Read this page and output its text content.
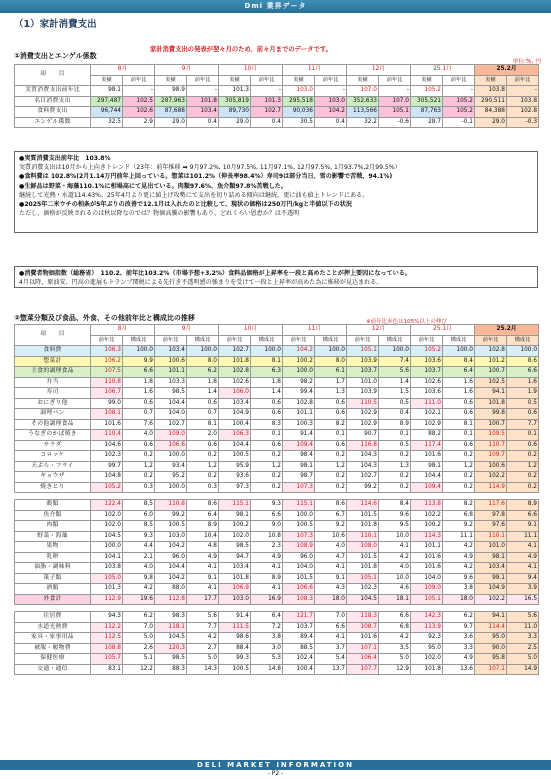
Dmi 業界データ
（1）家計消費支出
①消費支出とエンゲル係数
家計消費支出の発表が翌々月のため、前々月までのデータです。
単位:%, 円
項　　目	8月		9月		10月		11月		12月		25.1月		25.2月	
	実績	前年比	実績	前年比	実績	前年比	実績	前年比	実績	前年比	実績	前年比	実績	前年比
実質消費支出前年比	98.1	-	98.9	-	101.3	-	103.0	-	107.0	-	105.2	-	103.8	-
名目消費支出	297,487	102.5	287,963	101.8	305,819	101.3	295,518	103.0	352,633	107.0	305,521	105.2	290,511	103.8
食料費支出	96,744	102.6	87,688	103.4	89,730	102.7	90,036	104.2	113,566	105.1	87,763	105.2	84,388	102.8
エンゲル係数	32.5	2.9	29.0	0.4	29.0	0.4	30.5	0.4	32.2	-0.6	28.7	-0.1	29.0	-0.3
●実質消費支出前年比　103.8%
実質消費支出は10月から上向きトレンド（23年：前年推移 ➡ 9月97.2%, 10月97.5%, 11月97.1%, 12月97.5%, 1月93.7%,2月99.5%）
●食料費は 102.8%(2月1.14万円前年上回っている。惣菜は101.2%（伸長率98.4%）寿司9は部分当日、雪の影響で苦戦、94.1%)
●生鮮品は野菜・海藻110.1%に相場高にて見出ている。肉類97.6%、魚介類97.8%苦戦した。
継続して光熱・水道114.43%、25年4月より更に値上げ攻勢にて支出を切り詰める傾向は継続、更に油も値上トレンドにある。
●2025年二米ウチの相条が5年ぶりの改善で12.1月は入れたのと比較して、現状の価格は250万円/kgと半値以下の状況
ただし、価格が反映されるのは秋以降なのでは？物価高騰の影響もあり、どれくらい恩恵か？は不透明
●消費者物価指数（総務省）　110.2、前年比103.2%（市場予想+3.2%）食料品価格が上昇率を一段と高めたことが押上要因になっている。
4月以降、原油安、円高の進展もトランプ関税による先行き不透明感の強まりを受けて一段と上昇率が高めた為に推移が見込まれる。
②惣菜分類及び食品、外食、その他前年比と構成比の推移	※前年比赤色は105%以上の伸び
項　　目	8月		9月		10月		11月		12月		25.1月		25.2月	
	前年比	構成比	前年比	構成比	前年比	構成比	前年比	構成比	前年比	構成比	前年比	構成比	前年比	構成比
食料費	106.3	100.0	103.4	100.0	102.7	100.0	104.2	100.0	105.1	100.0	105.2	100.0	102.8	100.0
惣菜計	106.2	9.9	100.6	8.0	101.8	8.1	100.2	8.0	103.9	7.4	103.6	8.4	101.2	8.6
主食的調理食品	107.5	6.6	101.1	6.2	102.8	6.3	100.0	6.1	103.7	5.6	103.7	6.4	100.7	6.6
弁当	110.8	1.8	103.3	1.8	102.6	1.8	98.2	1.7	101.0	1.4	102.6	1.6	102.5	1.6
寿司	106.7	1.6	98.5	1.4	106.0	1.4	99.4	1.3	103.9	1.5	103.6	1.6	94.1	1.9
おにぎり他	99.0	0.6	104.4	0.6	103.4	0.6	102.8	0.6	110.5	0.5	111.0	0.6	101.8	0.5
調理パン	108.1	0.7	104.0	0.7	104.9	0.6	101.1	0.6	102.9	0.4	102.1	0.6	99.8	0.6
その他調理食品	101.6	7.6	102.7	8.1	100.4	8.3	100.3	8.2	102.9	8.9	102.9	8.1	100.7	7.7
うなぎのかば焼き	110.4	4.0	109.0	2.0	106.3	0.1	91.4	0.1	90.7	0.1	88.2	0.1	109.5	0.1
サラダ	104.6	0.6	106.6	0.6	104.4	0.6	109.4	0.6	116.8	0.5	117.4	0.6	110.7	0.6
コロッケ	102.3	0.2	100.0	0.2	100.5	0.2	98.4	0.2	104.3	0.2	101.6	0.2	109.7	0.2
天ぷら・フライ	99.7	1.2	93.4	1.2	95.9	1.2	98.1	1.2	104.3	1.3	98.1	1.2	100.6	1.2
ギョウザ	104.8	0.2	95.2	0.2	93.6	0.2	98.7	0.2	102.7	0.2	104.4	0.2	102.2	0.2
焼きとり	105.2	0.3	100.0	0.3	97.3	0.2	107.3	0.2	99.2	0.2	109.4	0.2	114.9	0.2

穀類	122.4	8.5	110.8	8.6	115.1	9.3	115.1	8.6	114.6	8.4	113.8	8.2	117.6	8.9
魚介類	102.0	6.0	99.2	6.4	98.1	6.6	100.0	6.7	101.5	9.6	102.2	6.8	97.8	6.6
肉類	102.0	8.5	100.5	8.9	100.2	9.0	100.5	9.2	101.8	9.5	100.2	9.2	97.6	9.1
野菜・海藻	104.5	9.3	103.0	10.4	102.0	10.8	107.3	10.6	110.1	10.0	114.3	11.1	110.1	11.1
果物	100.0	4.4	104.2	4.8	98.5	2.3	108.9	4.0	108.0	4.1	101.1	4.2	101.0	4.1
乳卵	104.1	2.1	96.0	4.9	94.7	4.9	96.0	4.7	101.5	4.2	101.6	4.9	98.1	4.9
油脂・調味料	103.8	4.0	104.4	4.1	103.4	4.1	104.0	4.1	101.8	4.0	101.6	4.2	103.4	4.1
菓子類	105.0	9.8	104.2	9.1	101.8	8.9	101.5	9.1	105.1	10.0	104.0	9.6	99.1	9.4
酒類	101.3	4.2	88.0	4.1	106.9	4.1	106.6	4.3	102.3	4.6	109.0	3.8	104.9	3.9
外食計	112.9	19.6	112.8	17.7	103.0	16.9	108.3	18.0	104.5	18.1	105.1	18.0	102.2	16.5

住居費	94.3	6.2	98.3	5.6	91.4	6.4	121.7	7.0	118.3	6.6	142.3	6.2	94.1	5.6
水道光熱費	112.2	7.0	118.1	7.7	111.5	7.2	103.7	6.6	108.7	6.8	113.9	9.7	114.4	11.0
家具・家事用品	112.5	5.0	104.5	4.2	98.6	3.8	89.4	4.1	101.6	4.2	92.3	3.6	95.0	3.3
被服・履物費	108.8	2.6	120.3	2.7	88.4	3.0	88.5	3.7	107.1	3.5	95.0	3.3	90.0	2.5
保健医療	105.7	5.1	98.5	5.0	99.3	5.3	102.4	5.4	106.4	5.0	102.0	4.9	95.8	5.0
交通・通信	83.1	12.2	88.3	14.3	100.5	14.8	100.4	13.7	107.7	12.9	101.8	13.6	107.1	14.9
DELI MARKET INFORMATION
- P2 -
